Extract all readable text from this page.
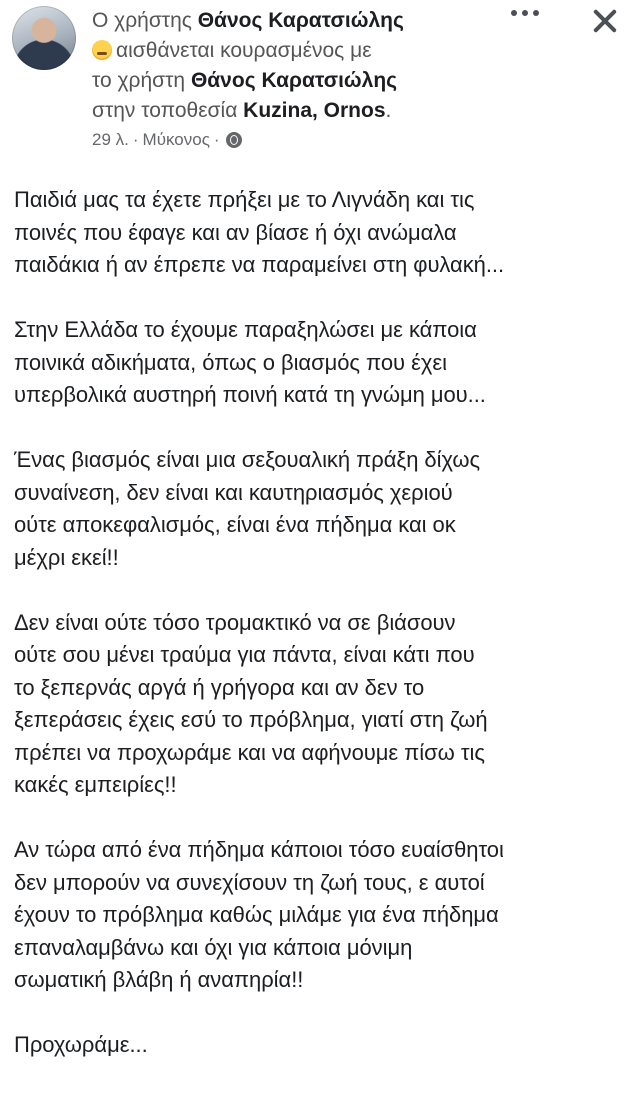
Ο χρήστης Θάνος Καρατσιώλης
αισθάνεται κουρασμένος με
το χρήστη Θάνος Καρατσιώλης
στην τοποθεσία Kuzina, Ornos.
29 λ. · Μύκονος ·

Παιδιά μας τα έχετε πρήξει με το Λιγνάδη και τις
ποινές που έφαγε και αν βίασε ή όχι ανώμαλα
παιδάκια ή αν έπρεπε να παραμείνει στη φυλακή...

Στην Ελλάδα το έχουμε παραξηλώσει με κάποια
ποινικά αδικήματα, όπως ο βιασμός που έχει
υπερβολικά αυστηρή ποινή κατά τη γνώμη μου...

Ένας βιασμός είναι μια σεξουαλική πράξη δίχως
συναίνεση, δεν είναι και καυτηριασμός χεριού
ούτε αποκεφαλισμός, είναι ένα πήδημα και οκ
μέχρι εκεί!!

Δεν είναι ούτε τόσο τρομακτικό να σε βιάσουν
ούτε σου μένει τραύμα για πάντα, είναι κάτι που
το ξεπερνάς αργά ή γρήγορα και αν δεν το
ξεπεράσεις έχεις εσύ το πρόβλημα, γιατί στη ζωή
πρέπει να προχωράμε και να αφήνουμε πίσω τις
κακές εμπειρίες!!

Αν τώρα από ένα πήδημα κάποιοι τόσο ευαίσθητοι
δεν μπορούν να συνεχίσουν τη ζωή τους, ε αυτοί
έχουν το πρόβλημα καθώς μιλάμε για ένα πήδημα
επαναλαμβάνω και όχι για κάποια μόνιμη
σωματική βλάβη ή αναπηρία!!

Προχωράμε...
